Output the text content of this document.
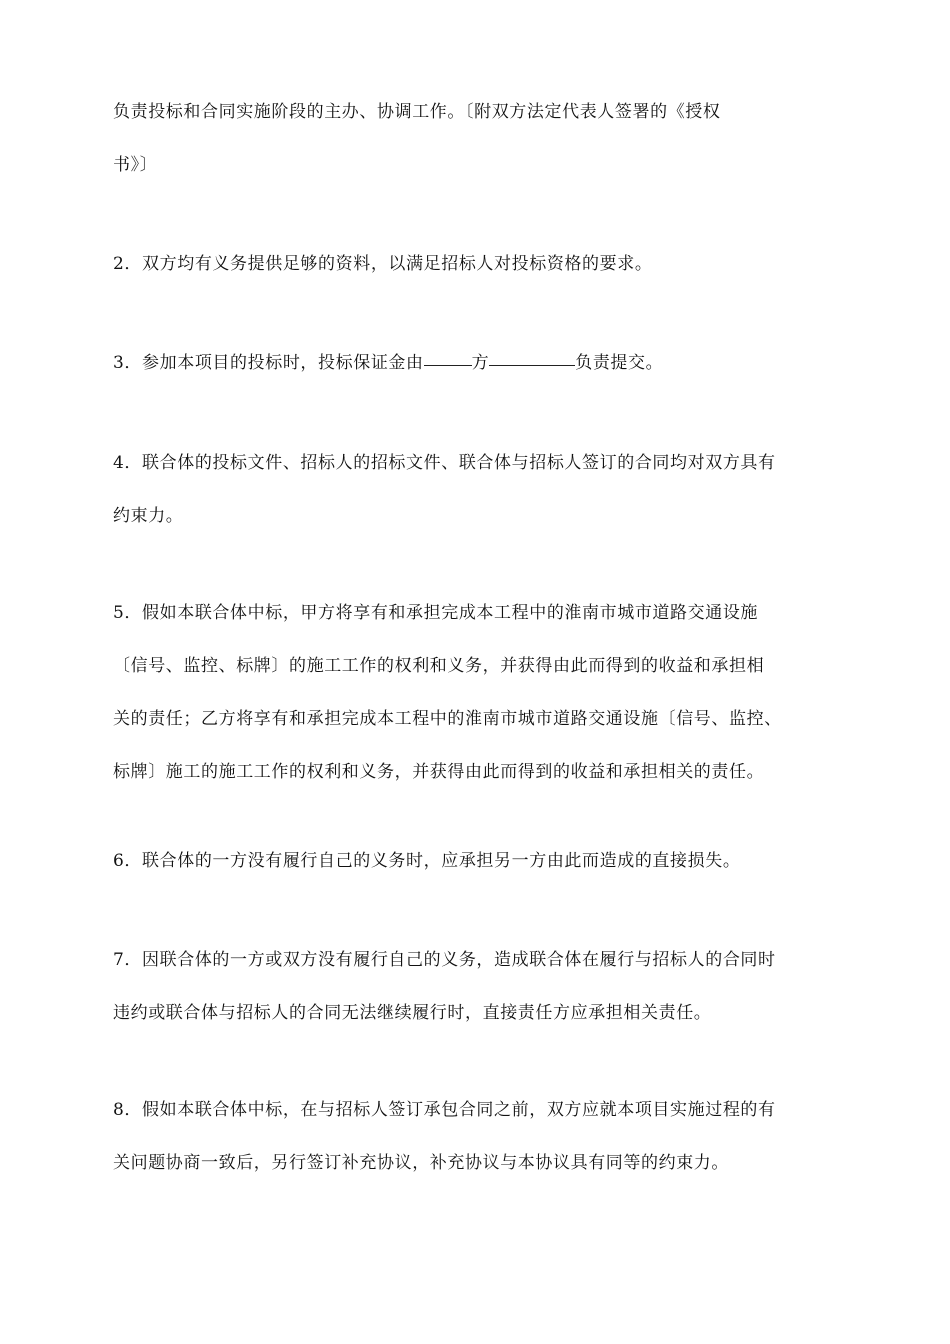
负责投标和合同实施阶段的主办、协调工作。〔附双方法定代表人签署的《授权
书》〕

2．双方均有义务提供足够的资料，以满足招标人对投标资格的要求。

3．参加本项目的投标时，投标保证金由	方	负责提交。

4．联合体的投标文件、招标人的招标文件、联合体与招标人签订的合同均对双方具有
约束力。

5．假如本联合体中标，甲方将享有和承担完成本工程中的淮南市城市道路交通设施
〔信号、监控、标牌〕的施工工作的权利和义务，并获得由此而得到的收益和承担相
关的责任；乙方将享有和承担完成本工程中的淮南市城市道路交通设施〔信号、监控、
标牌〕施工的施工工作的权利和义务，并获得由此而得到的收益和承担相关的责任。

6．联合体的一方没有履行自己的义务时，应承担另一方由此而造成的直接损失。

7．因联合体的一方或双方没有履行自己的义务，造成联合体在履行与招标人的合同时
违约或联合体与招标人的合同无法继续履行时，直接责任方应承担相关责任。

8．假如本联合体中标，在与招标人签订承包合同之前，双方应就本项目实施过程的有
关问题协商一致后，另行签订补充协议，补充协议与本协议具有同等的约束力。
